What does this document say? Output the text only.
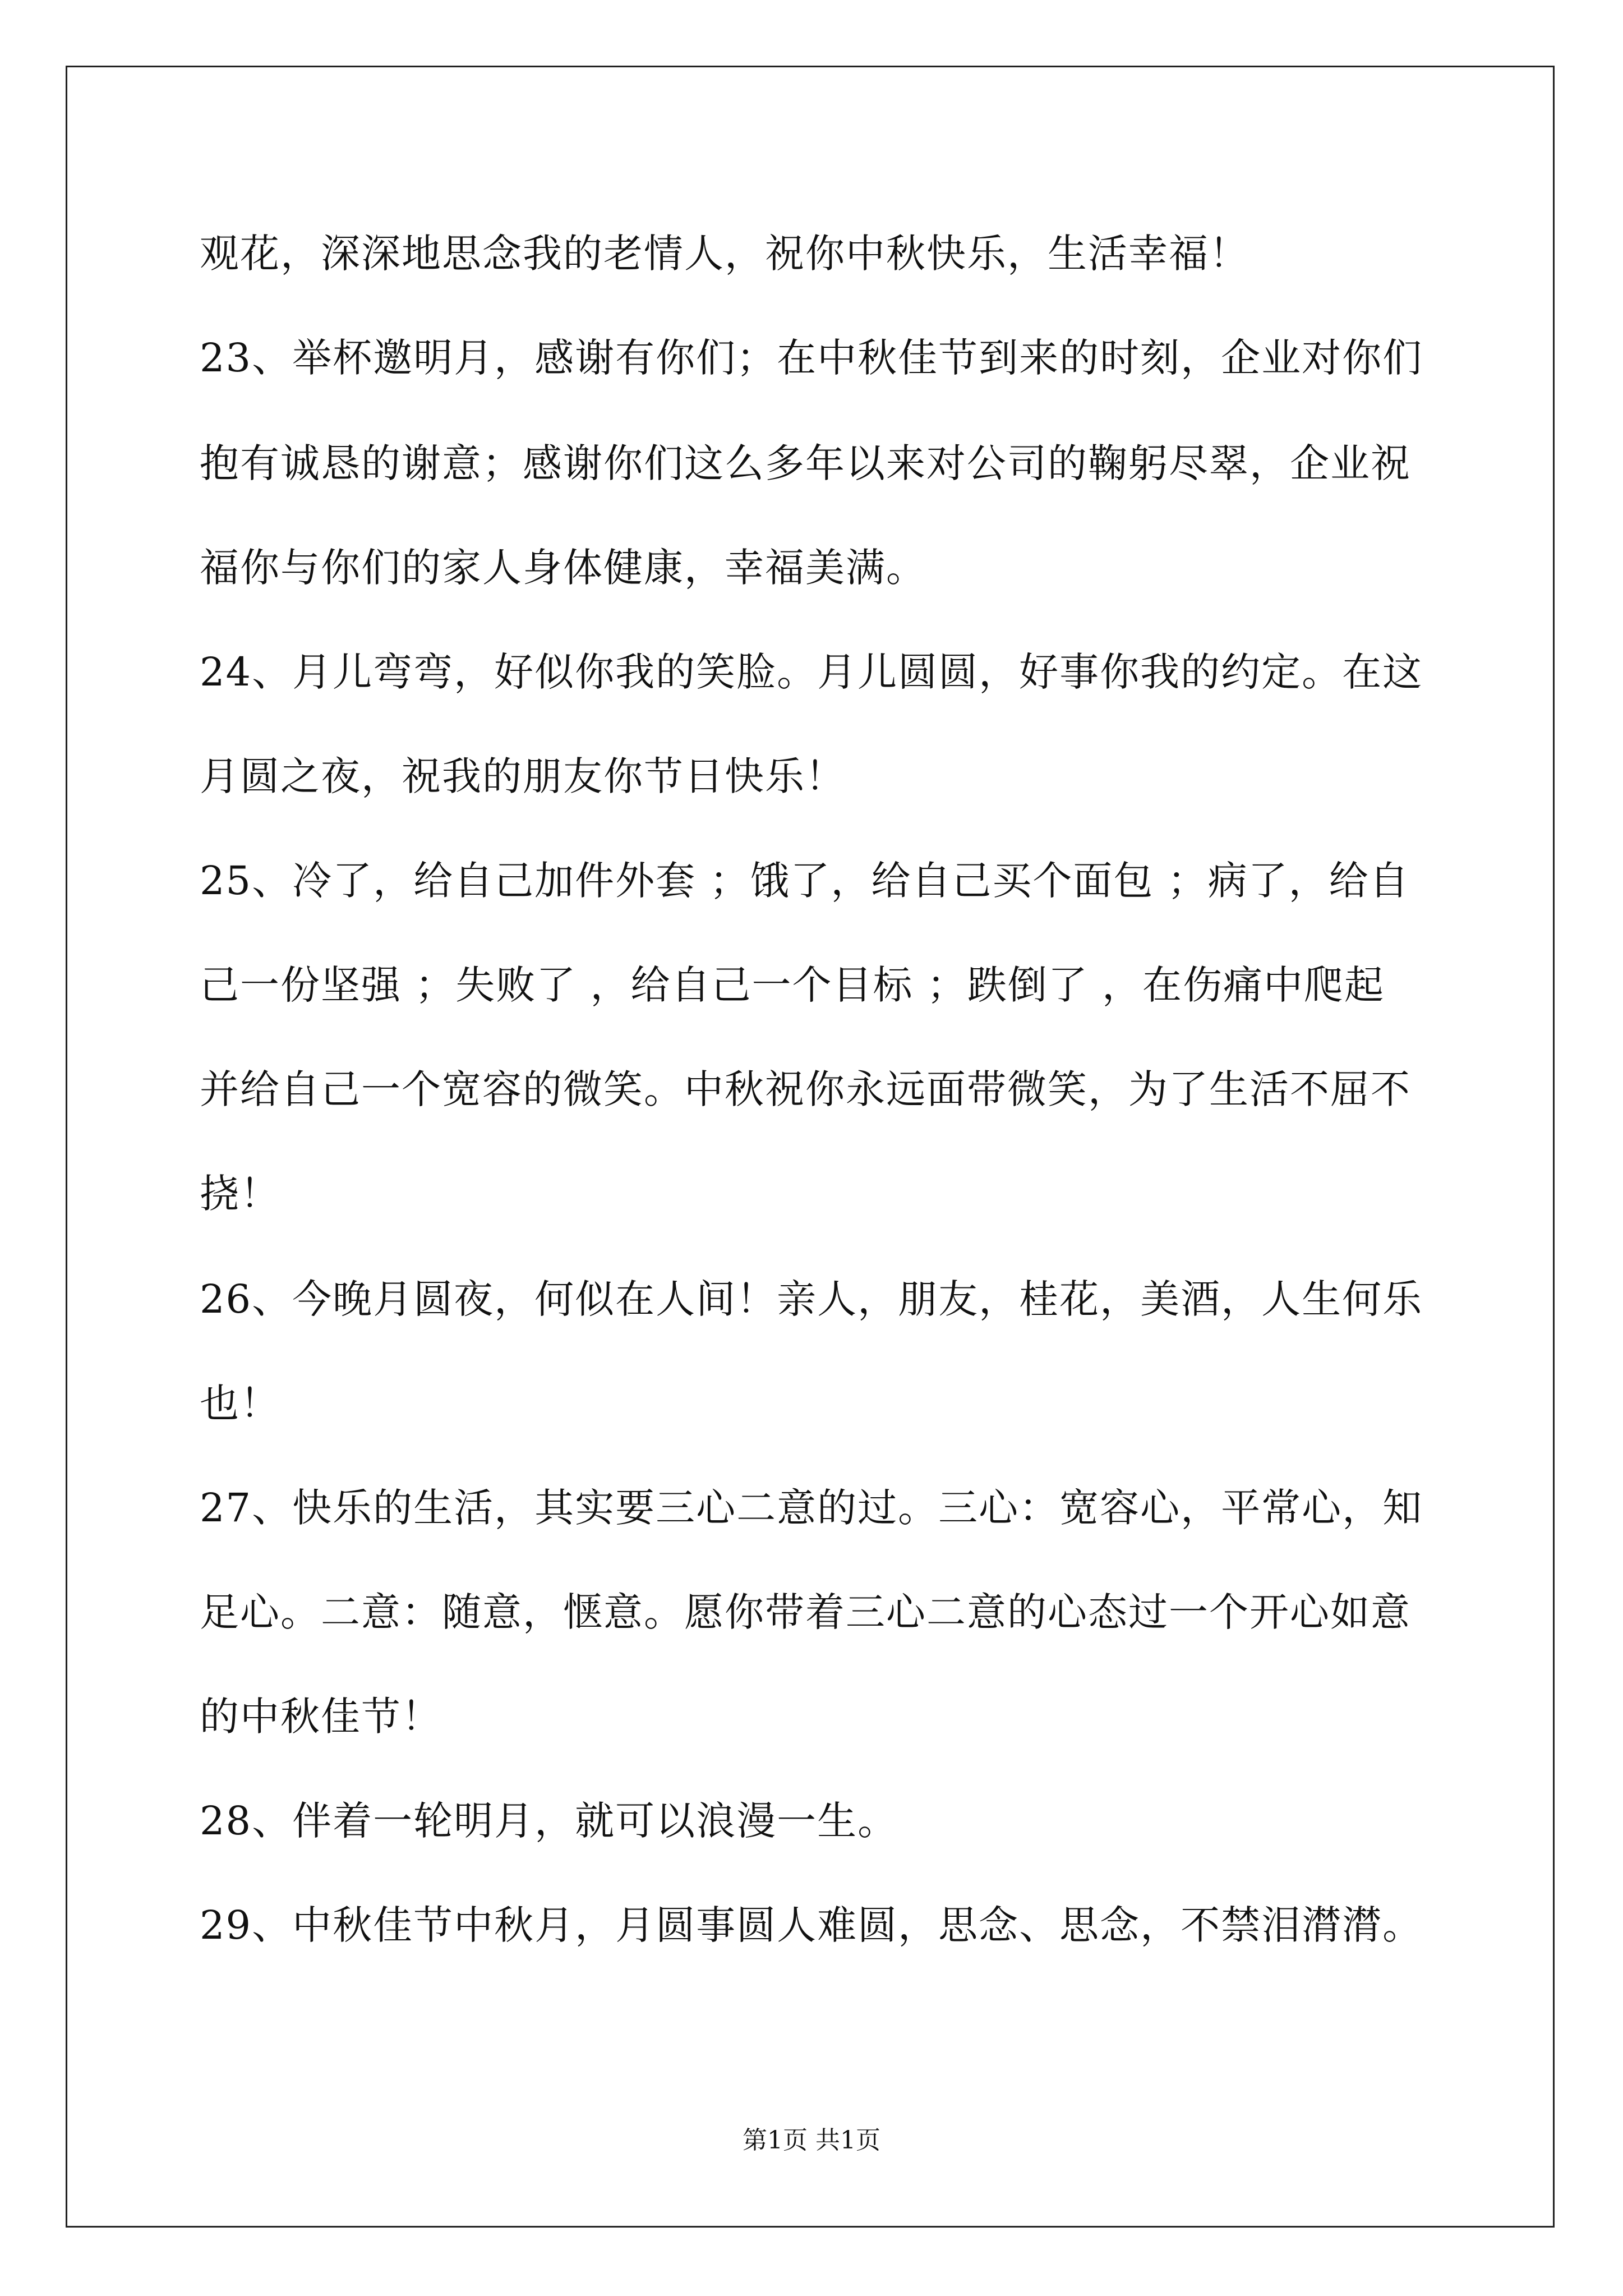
观花，深深地思念我的老情人，祝你中秋快乐，生活幸福！
23、举杯邀明月，感谢有你们；在中秋佳节到来的时刻，企业对你们
抱有诚恳的谢意；感谢你们这么多年以来对公司的鞠躬尽翠，企业祝
福你与你们的家人身体健康，幸福美满。
24、月儿弯弯，好似你我的笑脸。月儿圆圆，好事你我的约定。在这
月圆之夜，祝我的朋友你节日快乐！
25、冷了，给自己加件外套 ；饿了，给自己买个面包 ；病了，给自
己一份坚强 ；失败了 ，给自己一个目标 ；跌倒了 ，在伤痛中爬起
并给自己一个宽容的微笑。中秋祝你永远面带微笑，为了生活不屈不
挠！
26、今晚月圆夜，何似在人间！亲人，朋友，桂花，美酒，人生何乐
也！
27、快乐的生活，其实要三心二意的过。三心：宽容心，平常心，知
足心。二意：随意，惬意。愿你带着三心二意的心态过一个开心如意
的中秋佳节！
28、伴着一轮明月，就可以浪漫一生。
29、中秋佳节中秋月，月圆事圆人难圆，思念、思念，不禁泪潸潸。
第1页 共1页
